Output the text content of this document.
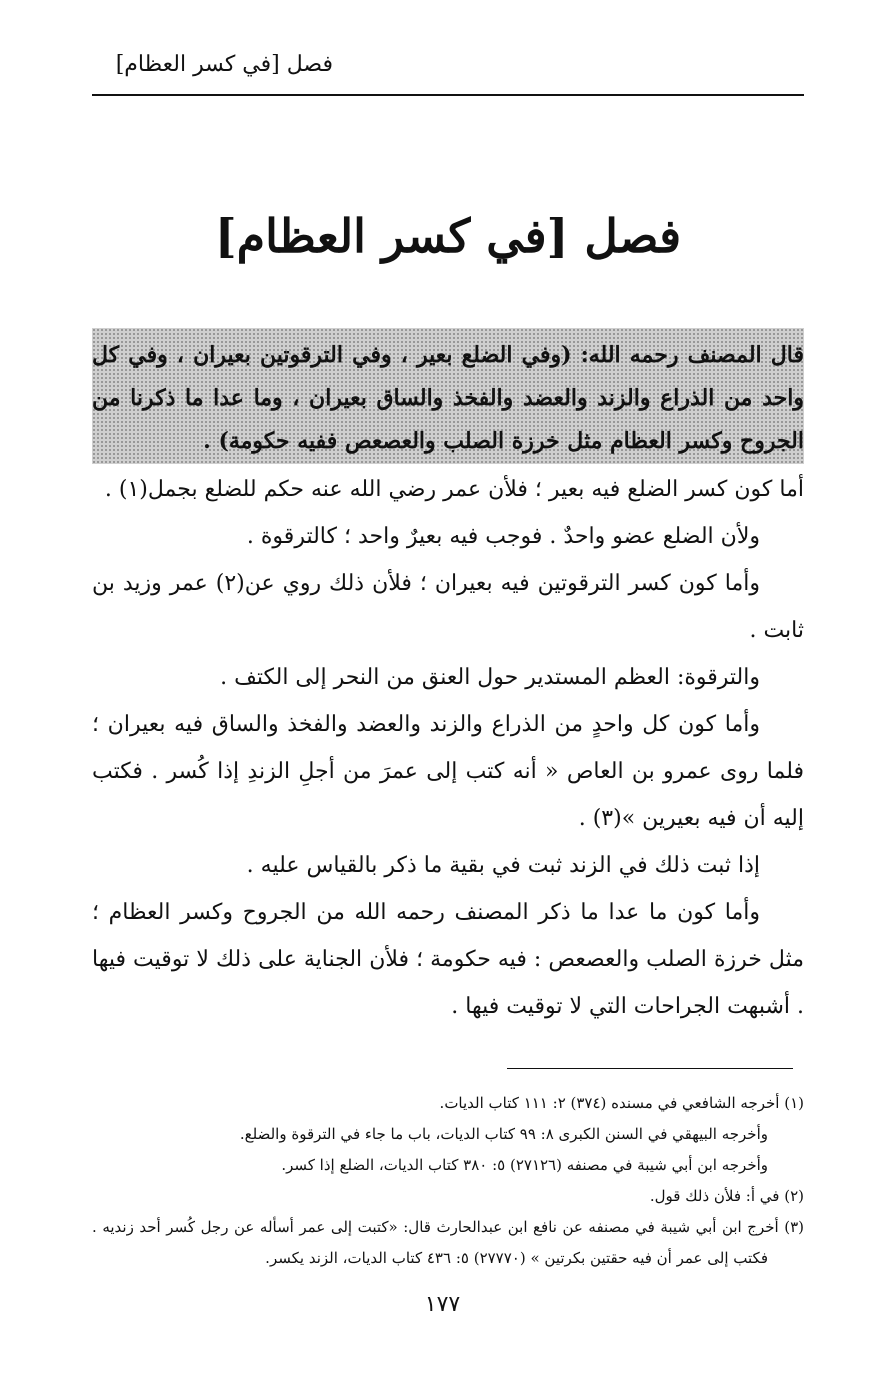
فصل [في كسر العظام]
فصل [في كسر العظام]
قال المصنف رحمه الله: (وفي الضلع بعير ، وفي الترقوتين بعيران ، وفي كل واحد من الذراع والزند والعضد والفخذ والساق بعيران ، وما عدا ما ذكرنا من الجروح وكسر العظام مثل خرزة الصلب والعصعص ففيه حكومة) .

أما كون كسر الضلع فيه بعير ؛ فلأن عمر رضي الله عنه حكم للضلع بجمل(١) .

ولأن الضلع عضو واحدٌ . فوجب فيه بعيرٌ واحد ؛ كالترقوة .

وأما كون كسر الترقوتين فيه بعيران ؛ فلأن ذلك روي عن(٢) عمر وزيد بن ثابت .

والترقوة: العظم المستدير حول العنق من النحر إلى الكتف .

وأما كون كل واحدٍ من الذراع والزند والعضد والفخذ والساق فيه بعيران ؛ فلما روى عمرو بن العاص « أنه كتب إلى عمرَ من أجلِ الزندِ إذا كُسر . فكتب إليه أن فيه بعيرين »(٣) .

إذا ثبت ذلك في الزند ثبت في بقية ما ذكر بالقياس عليه .

وأما كون ما عدا ما ذكر المصنف رحمه الله من الجروح وكسر العظام ؛ مثل خرزة الصلب والعصعص : فيه حكومة ؛ فلأن الجناية على ذلك لا توقيت فيها . أشبهت الجراحات التي لا توقيت فيها .

(١) أخرجه الشافعي في مسنده (٣٧٤) ٢: ١١١ كتاب الديات.

وأخرجه البيهقي في السنن الكبرى ٨: ٩٩ كتاب الديات، باب ما جاء في الترقوة والضلع.

وأخرجه ابن أبي شيبة في مصنفه (٢٧١٢٦) ٥: ٣٨٠ كتاب الديات، الضلع إذا كسر.

(٢) في أ: فلأن ذلك قول.

(٣) أخرج ابن أبي شيبة في مصنفه عن نافع ابن عبدالحارث قال: «كتبت إلى عمر أسأله عن رجل كُسر أحد زنديه . فكتب إلى عمر أن فيه حقتين بكرتين » (٢٧٧٧٠) ٥: ٤٣٦ كتاب الديات، الزند يكسر.

١٧٧
